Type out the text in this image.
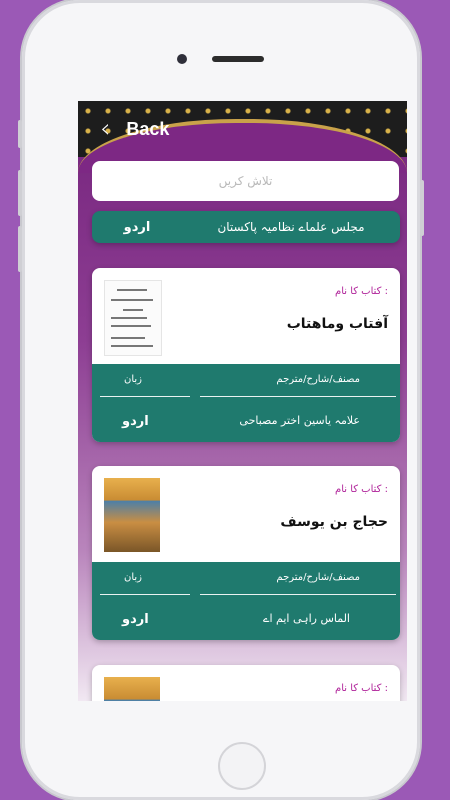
‹ Back
تلاش کریں
اردو	مجلس علماے نظامیہ پاکستان
کتاب کا نام :
آفتاب وماھتاب
مصنف/شارح/مترجم
زبان
علامہ یاسین اختر مصباحی
اردو
کتاب کا نام :
حجاج بن یوسف
مصنف/شارح/مترجم
زبان
الماس راہی ایم اے
اردو
کتاب کا نام :
